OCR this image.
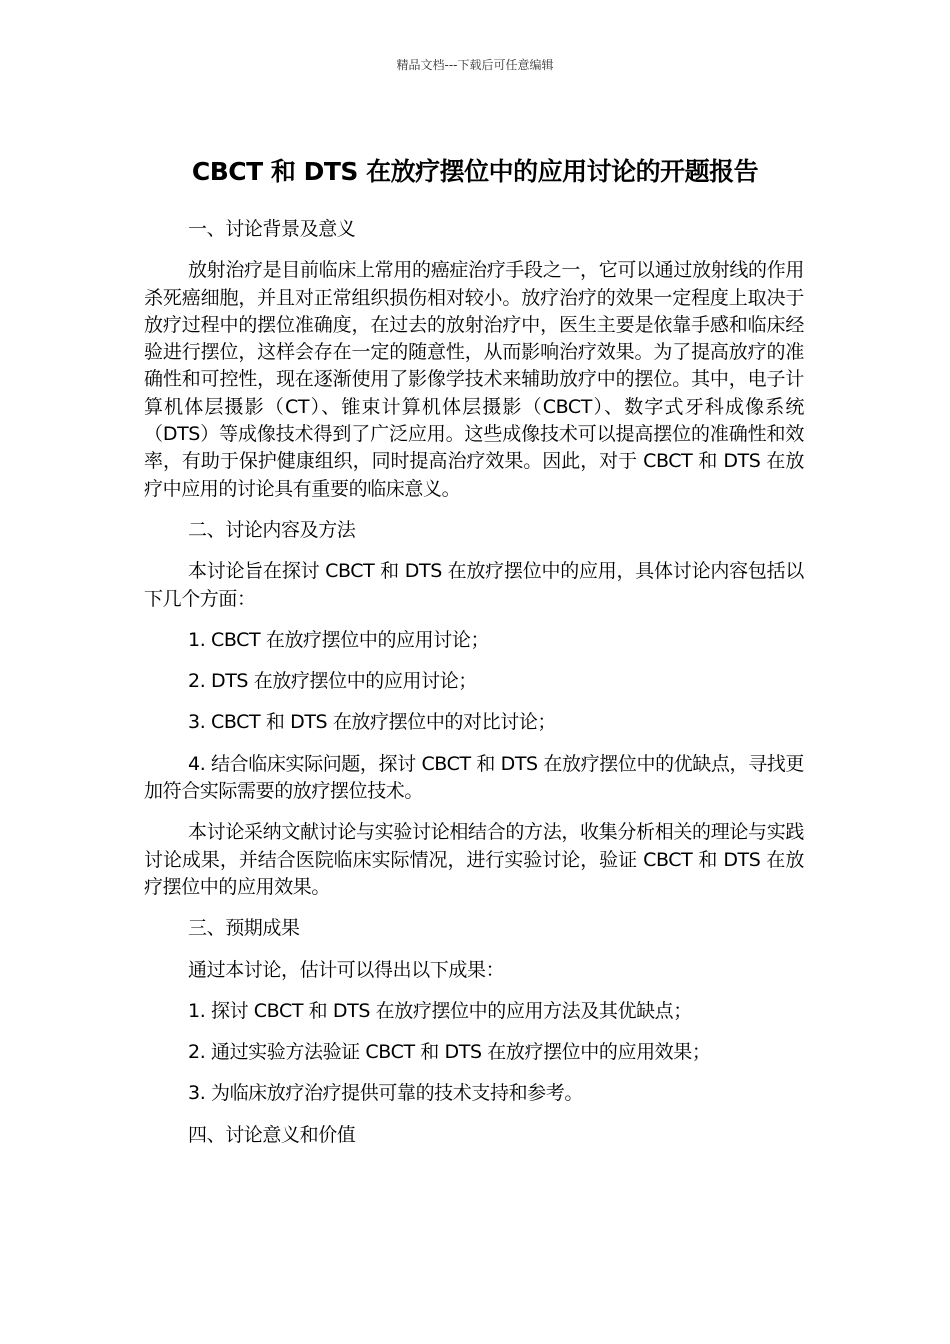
精品文档---下载后可任意编辑
CBCT 和 DTS 在放疗摆位中的应用讨论的开题报告

一、讨论背景及意义

放射治疗是目前临床上常用的癌症治疗手段之一，它可以通过放射线的作用杀死癌细胞，并且对正常组织损伤相对较小。放疗治疗的效果一定程度上取决于放疗过程中的摆位准确度，在过去的放射治疗中，医生主要是依靠手感和临床经验进行摆位，这样会存在一定的随意性，从而影响治疗效果。为了提高放疗的准确性和可控性，现在逐渐使用了影像学技术来辅助放疗中的摆位。其中，电子计算机体层摄影（CT）、锥束计算机体层摄影（CBCT）、数字式牙科成像系统（DTS）等成像技术得到了广泛应用。这些成像技术可以提高摆位的准确性和效率，有助于保护健康组织，同时提高治疗效果。因此，对于 CBCT 和 DTS 在放疗中应用的讨论具有重要的临床意义。

二、讨论内容及方法

本讨论旨在探讨 CBCT 和 DTS 在放疗摆位中的应用，具体讨论内容包括以下几个方面：

1. CBCT 在放疗摆位中的应用讨论；

2. DTS 在放疗摆位中的应用讨论；

3. CBCT 和 DTS 在放疗摆位中的对比讨论；

4. 结合临床实际问题，探讨 CBCT 和 DTS 在放疗摆位中的优缺点，寻找更加符合实际需要的放疗摆位技术。

本讨论采纳文献讨论与实验讨论相结合的方法，收集分析相关的理论与实践讨论成果，并结合医院临床实际情况，进行实验讨论，验证 CBCT 和 DTS 在放疗摆位中的应用效果。

三、预期成果

通过本讨论，估计可以得出以下成果：

1. 探讨 CBCT 和 DTS 在放疗摆位中的应用方法及其优缺点；

2. 通过实验方法验证 CBCT 和 DTS 在放疗摆位中的应用效果；

3. 为临床放疗治疗提供可靠的技术支持和参考。

四、讨论意义和价值
